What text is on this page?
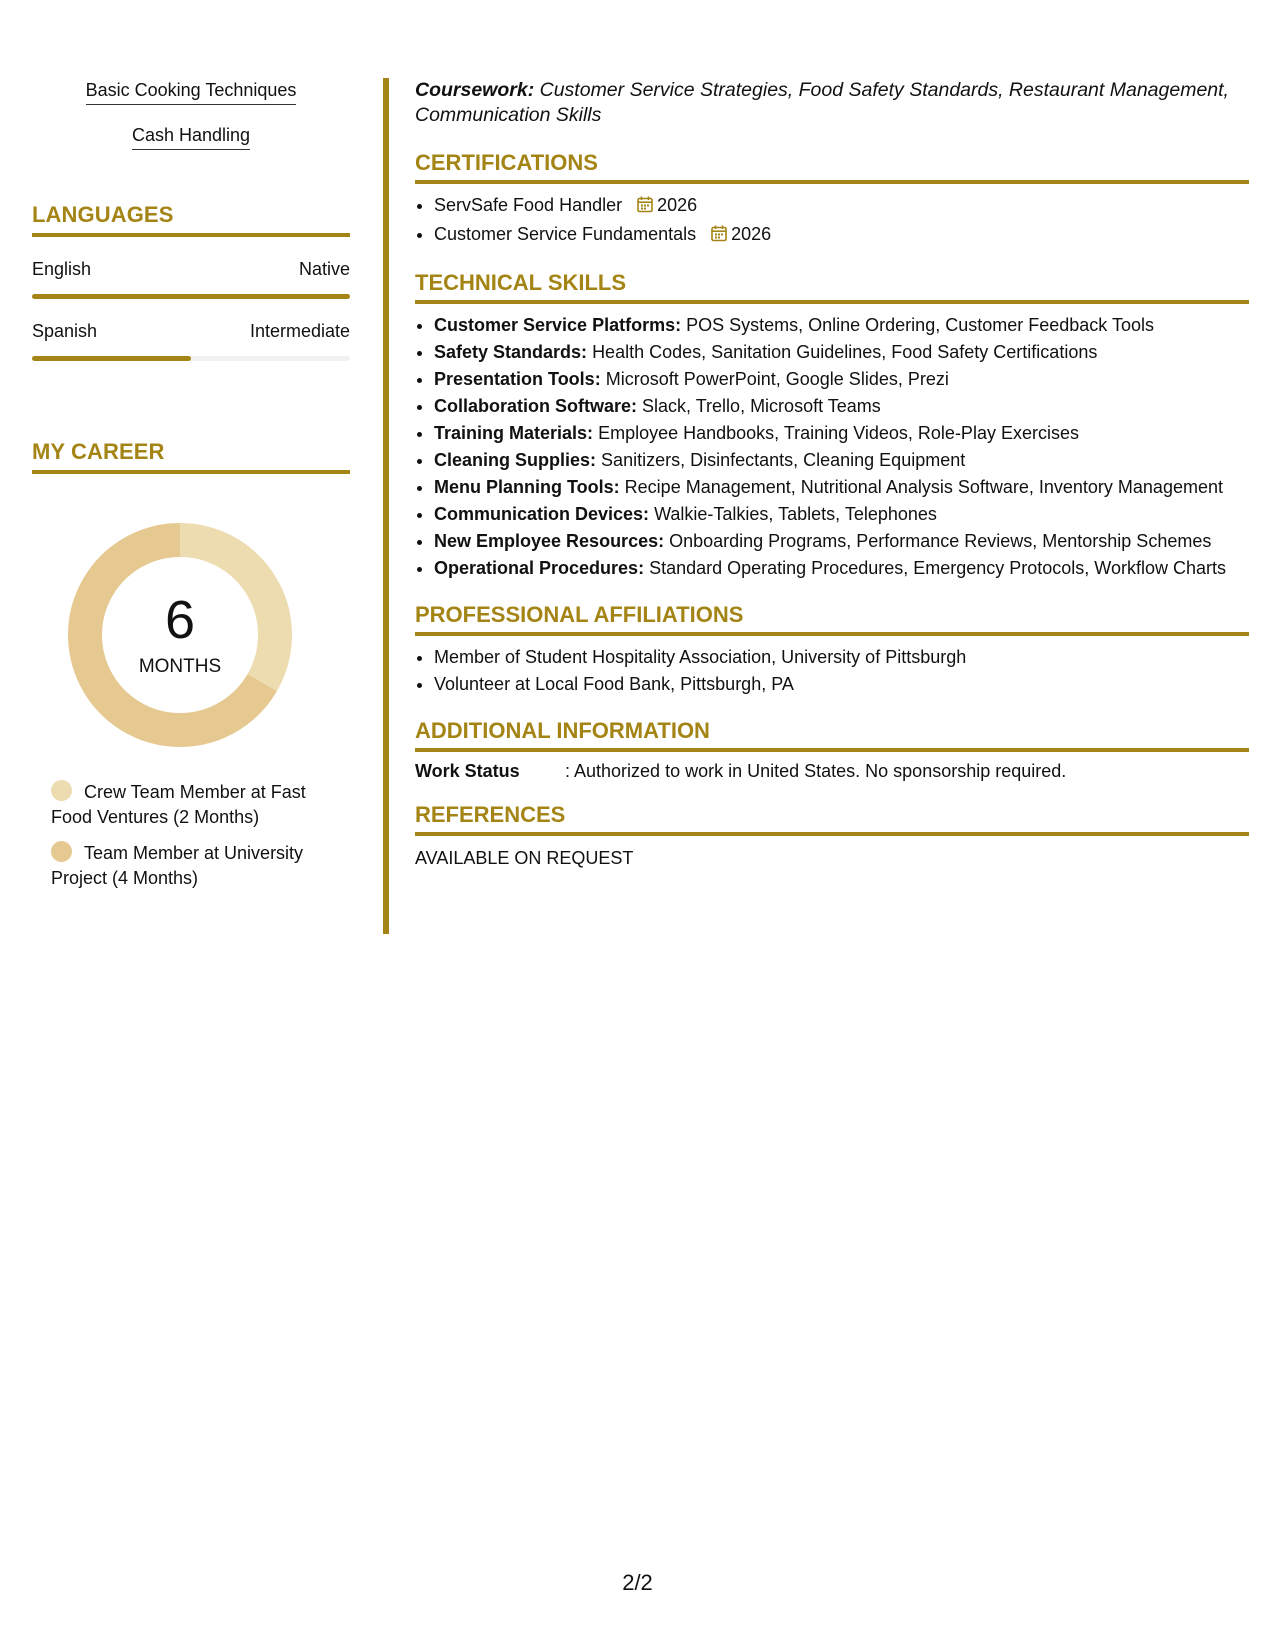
Basic Cooking Techniques
Cash Handling
LANGUAGES
English	Native
Spanish	Intermediate
MY CAREER
6
MONTHS
Crew Team Member at Fast Food Ventures (2 Months)
Team Member at University Project (4 Months)

Coursework: Customer Service Strategies, Food Safety Standards, Restaurant Management, Communication Skills

CERTIFICATIONS
• ServSafe Food Handler 2026
• Customer Service Fundamentals 2026
TECHNICAL SKILLS
• Customer Service Platforms: POS Systems, Online Ordering, Customer Feedback Tools
• Safety Standards: Health Codes, Sanitation Guidelines, Food Safety Certifications
• Presentation Tools: Microsoft PowerPoint, Google Slides, Prezi
• Collaboration Software: Slack, Trello, Microsoft Teams
• Training Materials: Employee Handbooks, Training Videos, Role-Play Exercises
• Cleaning Supplies: Sanitizers, Disinfectants, Cleaning Equipment
• Menu Planning Tools: Recipe Management, Nutritional Analysis Software, Inventory Management
• Communication Devices: Walkie-Talkies, Tablets, Telephones
• New Employee Resources: Onboarding Programs, Performance Reviews, Mentorship Schemes
• Operational Procedures: Standard Operating Procedures, Emergency Protocols, Workflow Charts
PROFESSIONAL AFFILIATIONS
• Member of Student Hospitality Association, University of Pittsburgh
• Volunteer at Local Food Bank, Pittsburgh, PA
ADDITIONAL INFORMATION
Work Status	: Authorized to work in United States. No sponsorship required.
REFERENCES
AVAILABLE ON REQUEST
2/2
